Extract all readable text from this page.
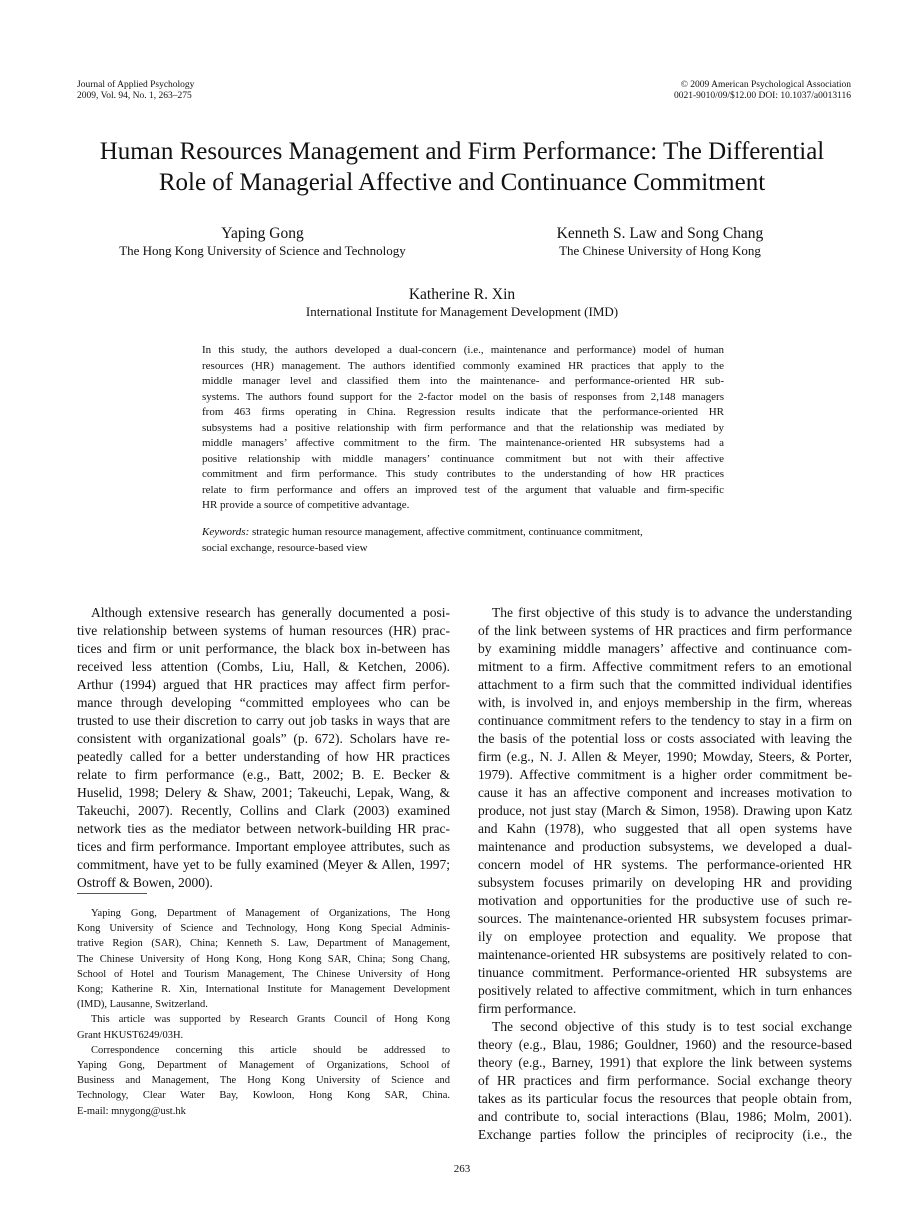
Journal of Applied Psychology
2009, Vol. 94, No. 1, 263–275
© 2009 American Psychological Association
0021-9010/09/$12.00 DOI: 10.1037/a0013116
Human Resources Management and Firm Performance: The Differential
Role of Managerial Affective and Continuance Commitment
Yaping Gong
The Hong Kong University of Science and Technology
Kenneth S. Law and Song Chang
The Chinese University of Hong Kong
Katherine R. Xin
International Institute for Management Development (IMD)
In this study, the authors developed a dual-concern (i.e., maintenance and performance) model of human
resources (HR) management. The authors identified commonly examined HR practices that apply to the
middle manager level and classified them into the maintenance- and performance-oriented HR sub-
systems. The authors found support for the 2-factor model on the basis of responses from 2,148 managers
from 463 firms operating in China. Regression results indicate that the performance-oriented HR
subsystems had a positive relationship with firm performance and that the relationship was mediated by
middle managers’ affective commitment to the firm. The maintenance-oriented HR subsystems had a
positive relationship with middle managers’ continuance commitment but not with their affective
commitment and firm performance. This study contributes to the understanding of how HR practices
relate to firm performance and offers an improved test of the argument that valuable and firm-specific
HR provide a source of competitive advantage.
Keywords: strategic human resource management, affective commitment, continuance commitment,
social exchange, resource-based view
Although extensive research has generally documented a posi-
tive relationship between systems of human resources (HR) prac-
tices and firm or unit performance, the black box in-between has
received less attention (Combs, Liu, Hall, & Ketchen, 2006).
Arthur (1994) argued that HR practices may affect firm perfor-
mance through developing “committed employees who can be
trusted to use their discretion to carry out job tasks in ways that are
consistent with organizational goals” (p. 672). Scholars have re-
peatedly called for a better understanding of how HR practices
relate to firm performance (e.g., Batt, 2002; B. E. Becker &
Huselid, 1998; Delery & Shaw, 2001; Takeuchi, Lepak, Wang, &
Takeuchi, 2007). Recently, Collins and Clark (2003) examined
network ties as the mediator between network-building HR prac-
tices and firm performance. Important employee attributes, such as
commitment, have yet to be fully examined (Meyer & Allen, 1997;
Ostroff & Bowen, 2000).
Yaping Gong, Department of Management of Organizations, The Hong
Kong University of Science and Technology, Hong Kong Special Adminis-
trative Region (SAR), China; Kenneth S. Law, Department of Management,
The Chinese University of Hong Kong, Hong Kong SAR, China; Song Chang,
School of Hotel and Tourism Management, The Chinese University of Hong
Kong; Katherine R. Xin, International Institute for Management Development
(IMD), Lausanne, Switzerland.
This article was supported by Research Grants Council of Hong Kong
Grant HKUST6249/03H.
Correspondence concerning this article should be addressed to
Yaping Gong, Department of Management of Organizations, School of
Business and Management, The Hong Kong University of Science and
Technology, Clear Water Bay, Kowloon, Hong Kong SAR, China.
E-mail: mnygong@ust.hk
The first objective of this study is to advance the understanding
of the link between systems of HR practices and firm performance
by examining middle managers’ affective and continuance com-
mitment to a firm. Affective commitment refers to an emotional
attachment to a firm such that the committed individual identifies
with, is involved in, and enjoys membership in the firm, whereas
continuance commitment refers to the tendency to stay in a firm on
the basis of the potential loss or costs associated with leaving the
firm (e.g., N. J. Allen & Meyer, 1990; Mowday, Steers, & Porter,
1979). Affective commitment is a higher order commitment be-
cause it has an affective component and increases motivation to
produce, not just stay (March & Simon, 1958). Drawing upon Katz
and Kahn (1978), who suggested that all open systems have
maintenance and production subsystems, we developed a dual-
concern model of HR systems. The performance-oriented HR
subsystem focuses primarily on developing HR and providing
motivation and opportunities for the productive use of such re-
sources. The maintenance-oriented HR subsystem focuses primar-
ily on employee protection and equality. We propose that
maintenance-oriented HR subsystems are positively related to con-
tinuance commitment. Performance-oriented HR subsystems are
positively related to affective commitment, which in turn enhances
firm performance.
The second objective of this study is to test social exchange
theory (e.g., Blau, 1986; Gouldner, 1960) and the resource-based
theory (e.g., Barney, 1991) that explore the link between systems
of HR practices and firm performance. Social exchange theory
takes as its particular focus the resources that people obtain from,
and contribute to, social interactions (Blau, 1986; Molm, 2001).
Exchange parties follow the principles of reciprocity (i.e., the
263
